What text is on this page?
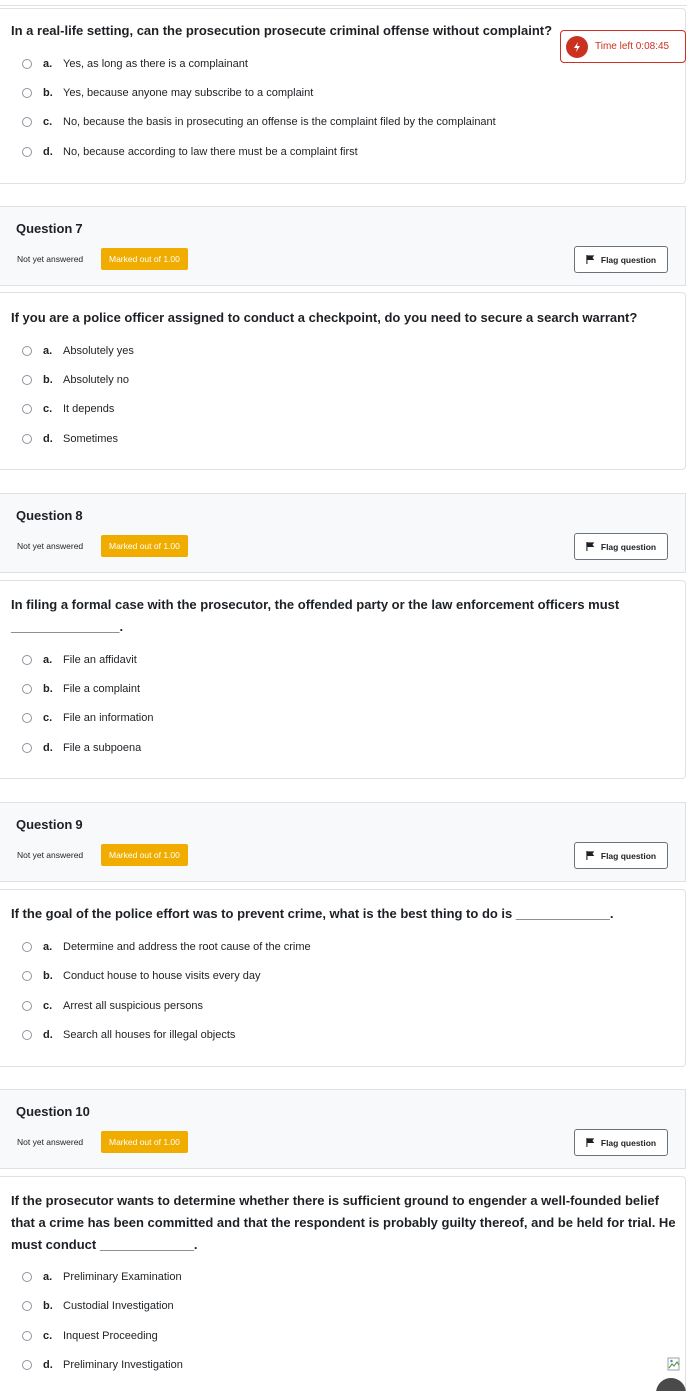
In a real-life setting, can the prosecution prosecute criminal offense without complaint?
a. Yes, as long as there is a complainant
b. Yes, because anyone may subscribe to a complaint
c. No, because the basis in prosecuting an offense is the complaint filed by the complainant
d. No, because according to law there must be a complaint first
Time left 0:08:45
Question 7
Not yet answered	Marked out of 1.00	Flag question
If you are a police officer assigned to conduct a checkpoint, do you need to secure a search warrant?
a. Absolutely yes
b. Absolutely no
c. It depends
d. Sometimes
Question 8
Not yet answered	Marked out of 1.00	Flag question
In filing a formal case with the prosecutor, the offended party or the law enforcement officers must
_______________.
a. File an affidavit
b. File a complaint
c. File an information
d. File a subpoena
Question 9
Not yet answered	Marked out of 1.00	Flag question
If the goal of the police effort was to prevent crime, what is the best thing to do is _____________.
a. Determine and address the root cause of the crime
b. Conduct house to house visits every day
c. Arrest all suspicious persons
d. Search all houses for illegal objects
Question 10
Not yet answered	Marked out of 1.00	Flag question
If the prosecutor wants to determine whether there is sufficient ground to engender a well-founded belief
that a crime has been committed and that the respondent is probably guilty thereof, and be held for trial. He
must conduct _____________.
a. Preliminary Examination
b. Custodial Investigation
c. Inquest Proceeding
d. Preliminary Investigation
